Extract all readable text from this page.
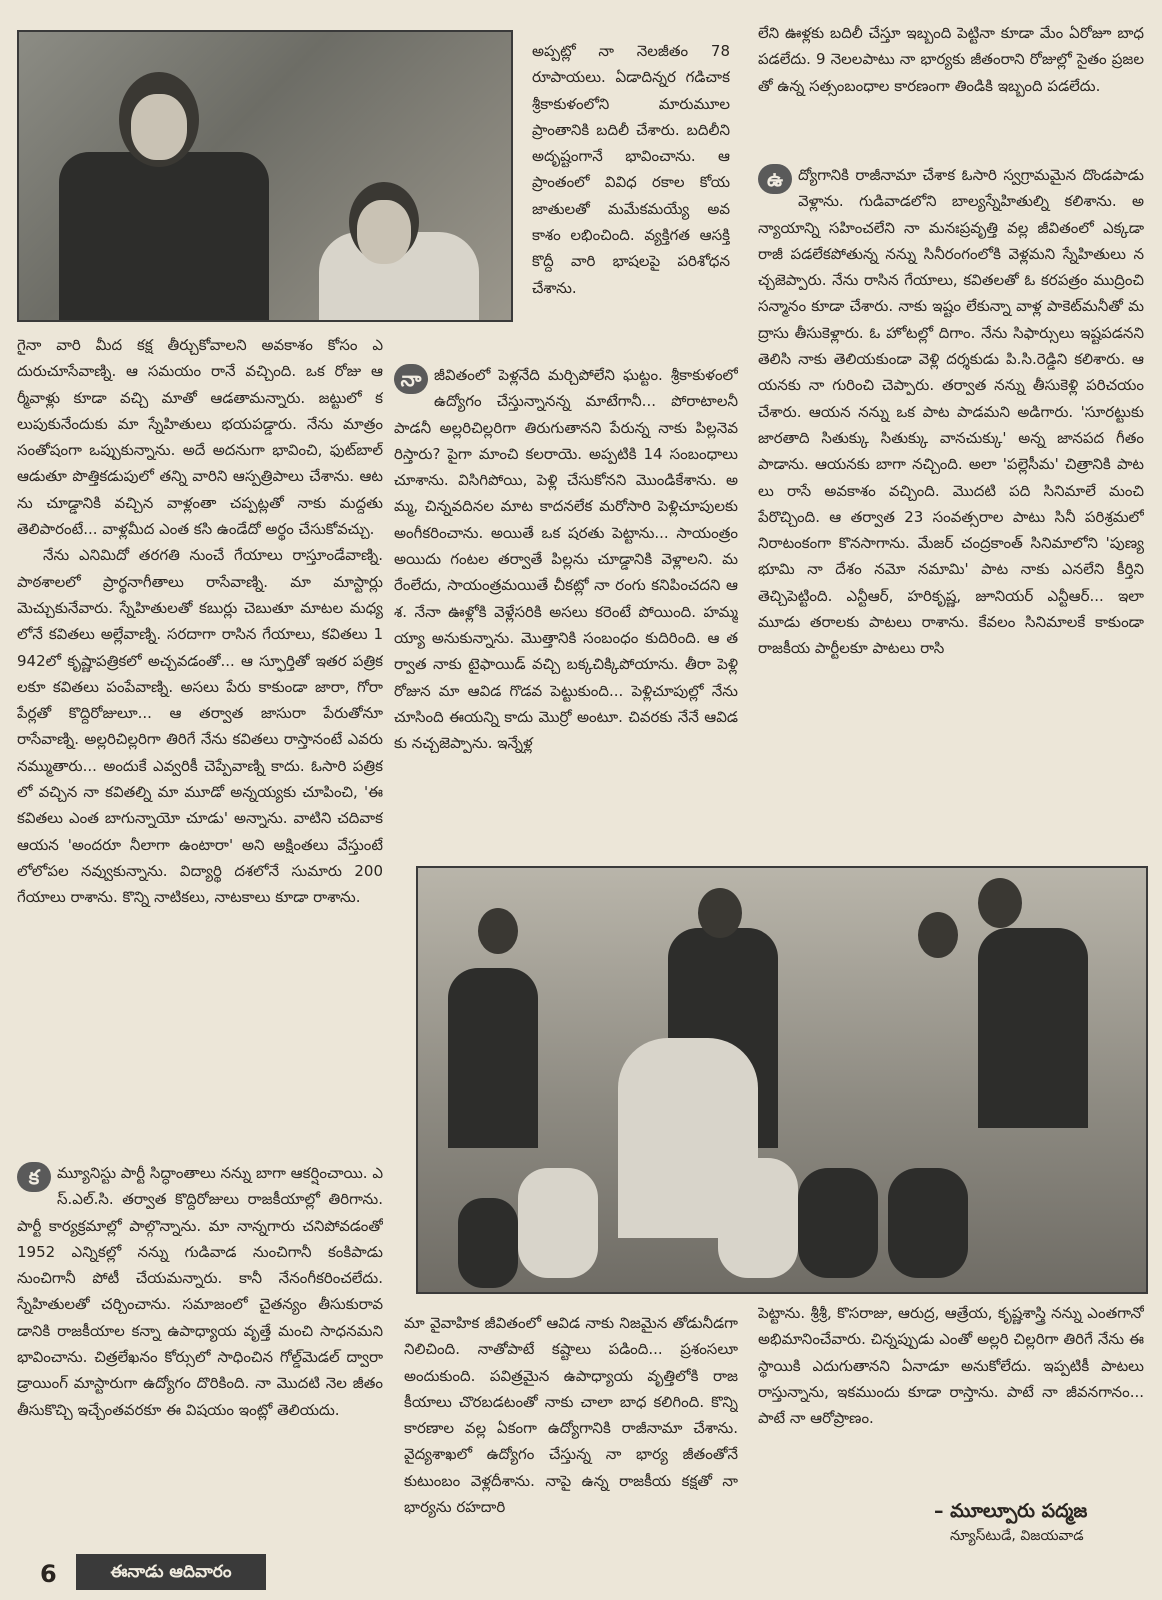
అప్పట్లో నా నెలజీతం 78 రూపాయలు. ఏడాదిన్నర గడిచాక శ్రీకాకుళంలోని మారుమూల ప్రాంతానికి బదిలీ చేశారు. బదిలీని అదృష్టంగానే భావించాను. ఆ ప్రాంతంలో వివిధ రకాల కోయజాతులతో మమేకమయ్యే అవకాశం లభించింది. వ్యక్తిగత ఆసక్తి కొద్దీ వారి భాషలపై పరిశోధన చేశాను.

లేని ఊళ్లకు బదిలీ చేస్తూ ఇబ్బంది పెట్టినా కూడా మేం ఏరోజూ బాధ పడలేదు. 9 నెలలపాటు నా భార్యకు జీతంరాని రోజుల్లో సైతం ప్రజలతో ఉన్న సత్సంబంధాల కారణంగా తిండికి ఇబ్బంది పడలేదు.

ఉ	ద్యోగానికి రాజీనామా చేశాక ఓసారి స్వగ్రామమైన దొండపాడు వెళ్లాను. గుడివాడలోని బాల్యస్నేహితుల్ని కలిశాను. అన్యాయాన్ని సహించలేని నా మనఃప్రవృత్తి వల్ల జీవితంలో ఎక్కడా రాజీ పడలేకపోతున్న నన్ను సినీరంగంలోకి వెళ్లమని స్నేహితులు నచ్చజెప్పారు. నేను రాసిన గేయాలు, కవితలతో ఓ కరపత్రం ముద్రించి సన్మానం కూడా చేశారు. నాకు ఇష్టం లేకున్నా వాళ్ల పాకెట్‌మనీతో మద్రాసు తీసుకెళ్లారు. ఓ హోటల్లో దిగాం. నేను సిఫార్సులు ఇష్టపడనని తెలిసి నాకు తెలియకుండా వెళ్లి దర్శకుడు పి.సి.రెడ్డిని కలిశారు. ఆయనకు నా గురించి చెప్పారు. తర్వాత నన్ను తీసుకెళ్లి పరిచయం చేశారు. ఆయన నన్ను ఒక పాట పాడమని అడిగారు. 'సూరట్టుకు జారతాది సితుక్కు సితుక్కు వానచుక్కు' అన్న జానపద గీతం పాడాను. ఆయనకు బాగా నచ్చింది. అలా 'పల్లెసీమ' చిత్రానికి పాటలు రాసే అవకాశం వచ్చింది. మొదటి పది సినిమాలే మంచి పేరొచ్చింది. ఆ తర్వాత 23 సంవత్సరాల పాటు సినీ పరిశ్రమలో నిరాటంకంగా కొనసాగాను. మేజర్ చంద్రకాంత్ సినిమాలోని 'పుణ్యభూమి నా దేశం నమో నమామి' పాట నాకు ఎనలేని కీర్తిని తెచ్చిపెట్టింది. ఎన్టీఆర్, హరికృష్ణ, జూనియర్ ఎన్టీఆర్... ఇలా మూడు తరాలకు పాటలు రాశాను. కేవలం సినిమాలకే కాకుండా రాజకీయ పార్టీలకూ పాటలు రాసి

గైనా వారి మీద కక్ష తీర్చుకోవాలని అవకాశం కోసం ఎదురుచూసేవాణ్ని. ఆ సమయం రానే వచ్చింది. ఒక రోజు ఆర్మీవాళ్లు కూడా వచ్చి మాతో ఆడతామన్నారు. జట్టులో కలుపుకునేందుకు మా స్నేహితులు భయపడ్డారు. నేను మాత్రం సంతోషంగా ఒప్పుకున్నాను. అదే అదనుగా భావించి, ఫుట్‌బాల్ ఆడుతూ పొత్తికడుపులో తన్ని వారిని ఆస్పత్రిపాలు చేశాను. ఆటను చూడ్డానికి వచ్చిన వాళ్లంతా చప్పట్లతో నాకు మద్దతు తెలిపారంటే... వాళ్లమీద ఎంత కసి ఉండేదో అర్థం చేసుకోవచ్చు.

నేను ఎనిమిదో తరగతి నుంచే గేయాలు రాస్తూండేవాణ్ని. పాఠశాలలో ప్రార్థనాగీతాలు రాసేవాణ్ని. మా మాస్టార్లు మెచ్చుకునేవారు. స్నేహితులతో కబుర్లు చెబుతూ మాటల మధ్యలోనే కవితలు అల్లేవాణ్ని. సరదాగా రాసిన గేయాలు, కవితలు 1942లో కృష్ణాపత్రికలో అచ్చవడంతో... ఆ స్ఫూర్తితో ఇతర పత్రికలకూ కవితలు పంపేవాణ్ని. అసలు పేరు కాకుండా జారా, గోరా పేర్లతో కొద్దిరోజులూ... ఆ తర్వాత జాసురా పేరుతోనూ రాసేవాణ్ని. అల్లరిచిల్లరిగా తిరిగే నేను కవితలు రాస్తానంటే ఎవరు నమ్ముతారు... అందుకే ఎవ్వరికీ చెప్పేవాణ్ని కాదు. ఓసారి పత్రికలో వచ్చిన నా కవితల్ని మా మూడో అన్నయ్యకు చూపించి, 'ఈ కవితలు ఎంత బాగున్నాయో చూడు' అన్నాను. వాటిని చదివాక ఆయన 'అందరూ నీలాగా ఉంటారా' అని అక్షింతలు వేస్తుంటే లోలోపల నవ్వుకున్నాను. విద్యార్థి దశలోనే సుమారు 200 గేయాలు రాశాను. కొన్ని నాటికలు, నాటకాలు కూడా రాశాను.

క	మ్యూనిస్టు పార్టీ సిద్ధాంతాలు నన్ను బాగా ఆకర్షించాయి. ఎస్.ఎల్.సి. తర్వాత కొద్దిరోజులు రాజకీయాల్లో తిరిగాను. పార్టీ కార్యక్రమాల్లో పాల్గొన్నాను. మా నాన్నగారు చనిపోవడంతో 1952 ఎన్నికల్లో నన్ను గుడివాడ నుంచిగానీ కంకిపాడు నుంచిగానీ పోటీ చేయమన్నారు. కానీ నేనంగీకరించలేదు. స్నేహితులతో చర్చించాను. సమాజంలో చైతన్యం తీసుకురావడానికి రాజకీయాల కన్నా ఉపాధ్యాయ వృత్తే మంచి సాధనమని భావించాను. చిత్రలేఖనం కోర్సులో సాధించిన గోల్డ్‌మెడల్ ద్వారా డ్రాయింగ్ మాస్టారుగా ఉద్యోగం దొరికింది. నా మొదటి నెల జీతం తీసుకొచ్చి ఇచ్చేంతవరకూ ఈ విషయం ఇంట్లో తెలియదు.

నా జీవితంలో పెళ్లనేది మర్చిపోలేని ఘట్టం. శ్రీకాకుళంలో ఉద్యోగం చేస్తున్నానన్న మాటేగానీ... పోరాటాలనీ పాడనీ అల్లరిచిల్లరిగా తిరుగుతానని పేరున్న నాకు పిల్లనెవరిస్తారు? పైగా మాంచి కలరాయె. అప్పటికి 14 సంబంధాలు చూశాను. విసిగిపోయి, పెళ్లి చేసుకోనని మొండికేశాను. అమ్మ, చిన్నవదినల మాట కాదనలేక మరోసారి పెళ్లిచూపులకు అంగీకరించాను. అయితే ఒక షరతు పెట్టాను... సాయంత్రం అయిదు గంటల తర్వాతే పిల్లను చూడ్డానికి వెళ్లాలని. మరేంలేదు, సాయంత్రమయితే చీకట్లో నా రంగు కనిపించదని ఆశ. నేనా ఊళ్లోకి వెళ్లేసరికి అసలు కరెంటే పోయింది. హమ్మయ్యా అనుకున్నాను. మొత్తానికి సంబంధం కుదిరింది. ఆ తర్వాత నాకు టైఫాయిడ్ వచ్చి బక్కచిక్కిపోయాను. తీరా పెళ్లి రోజున మా ఆవిడ గొడవ పెట్టుకుంది... పెళ్లిచూపుల్లో నేను చూసింది ఈయన్ని కాదు మొర్రో అంటూ. చివరకు నేనే ఆవిడకు నచ్చజెప్పాను. ఇన్నేళ్ల

మా వైవాహిక జీవితంలో ఆవిడ నాకు నిజమైన తోడునీడగా నిలిచింది. నాతోపాటే కష్టాలు పడింది... ప్రశంసలూ అందుకుంది. పవిత్రమైన ఉపాధ్యాయ వృత్తిలోకి రాజకీయాలు చొరబడటంతో నాకు చాలా బాధ కలిగింది. కొన్ని కారణాల వల్ల ఏకంగా ఉద్యోగానికి రాజీనామా చేశాను. వైద్యశాఖలో ఉద్యోగం చేస్తున్న నా భార్య జీతంతోనే కుటుంబం వెళ్లదీశాను. నాపై ఉన్న రాజకీయ కక్షతో నా భార్యను రహదారి

పెట్టాను. శ్రీశ్రీ, కొసరాజు, ఆరుద్ర, ఆత్రేయ, కృష్ణశాస్త్రి నన్ను ఎంతగానో అభిమానించేవారు. చిన్నప్పుడు ఎంతో అల్లరి చిల్లరిగా తిరిగే నేను ఈ స్థాయికి ఎదుగుతానని ఏనాడూ అనుకోలేదు. ఇప్పటికీ పాటలు రాస్తున్నాను, ఇకముందు కూడా రాస్తాను. పాటే నా జీవనగానం... పాటే నా ఆరోప్రాణం.

– మూల్పూరు పద్మజ
న్యూస్‌టుడే, విజయవాడ
6	ఈనాడు ఆదివారం
